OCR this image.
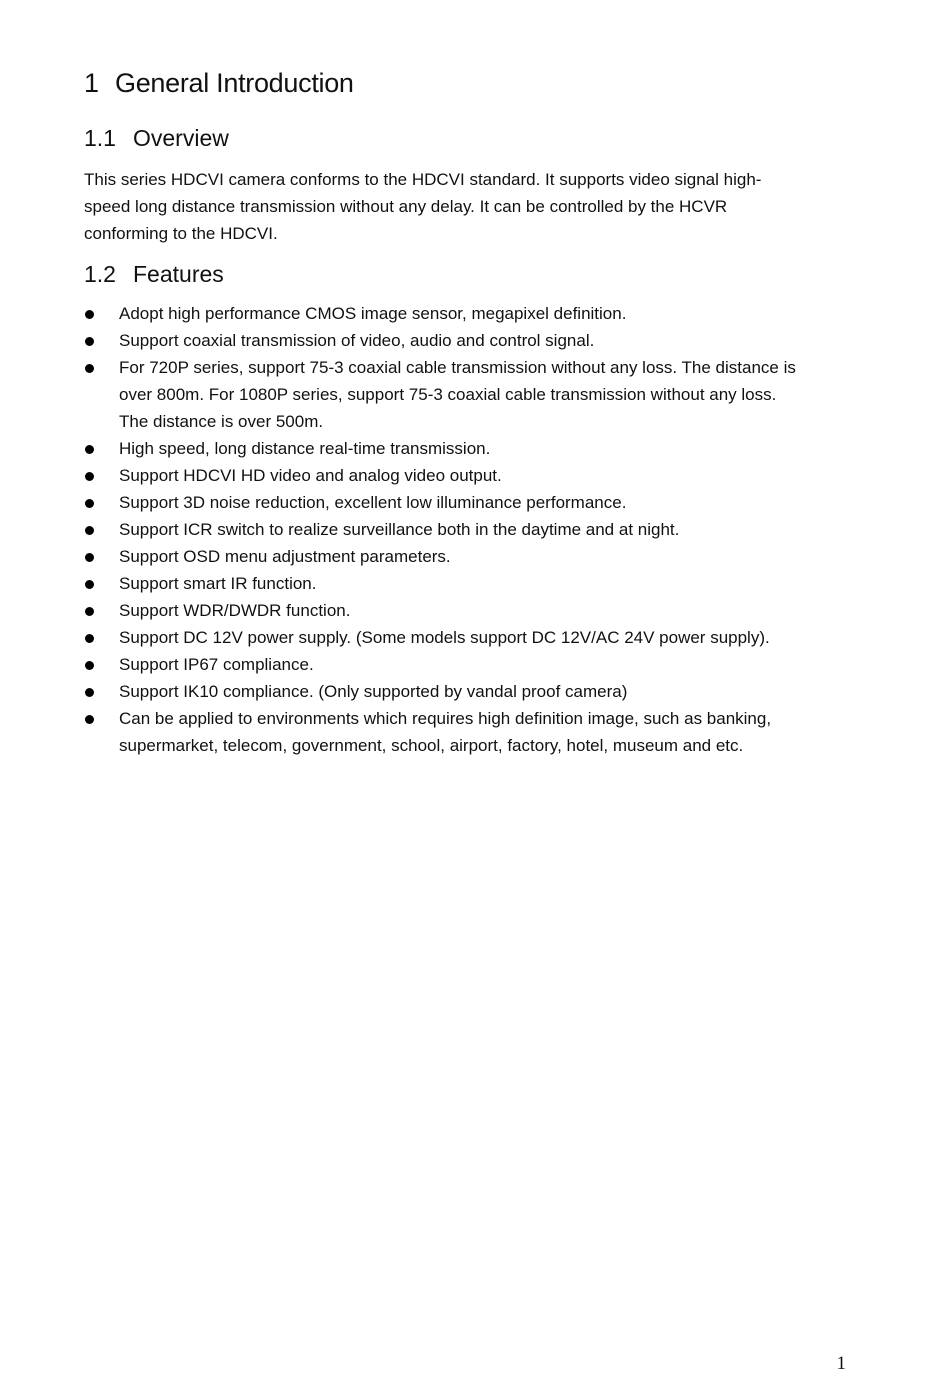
1 General Introduction
1.1 Overview

This series HDCVI camera conforms to the HDCVI standard. It supports video signal high-
speed long distance transmission without any delay. It can be controlled by the HCVR
conforming to the HDCVI.

1.2 Features
Adopt high performance CMOS image sensor, megapixel definition.
Support coaxial transmission of video, audio and control signal.
For 720P series, support 75-3 coaxial cable transmission without any loss. The distance is
over 800m. For 1080P series, support 75-3 coaxial cable transmission without any loss.
The distance is over 500m.
High speed, long distance real-time transmission.
Support HDCVI HD video and analog video output.
Support 3D noise reduction, excellent low illuminance performance.
Support ICR switch to realize surveillance both in the daytime and at night.
Support OSD menu adjustment parameters.
Support smart IR function.
Support WDR/DWDR function.
Support DC 12V power supply. (Some models support DC 12V/AC 24V power supply).
Support IP67 compliance.
Support IK10 compliance. (Only supported by vandal proof camera)
Can be applied to environments which requires high definition image, such as banking,
supermarket, telecom, government, school, airport, factory, hotel, museum and etc.
1
